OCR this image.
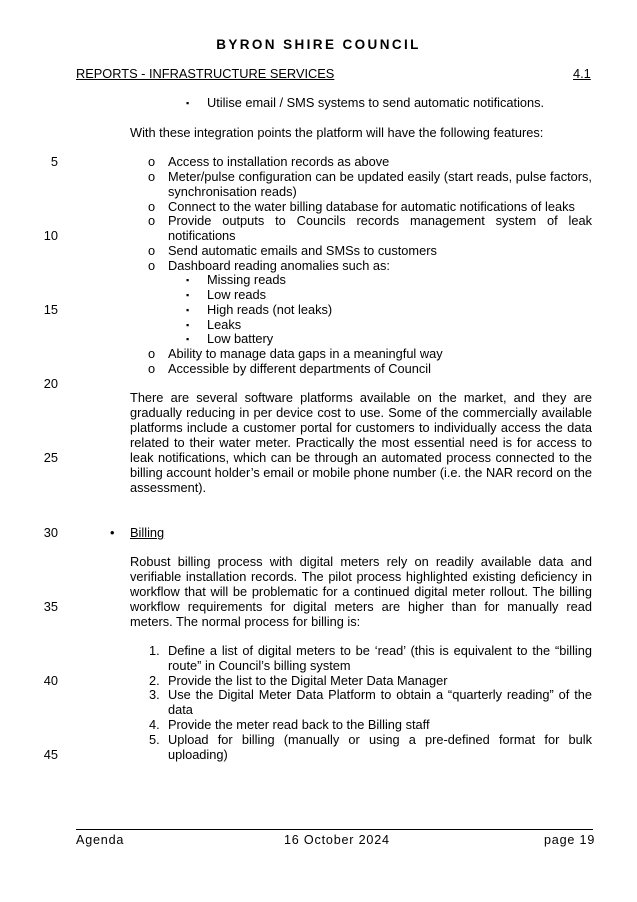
BYRON SHIRE COUNCIL
REPORTS - INFRASTRUCTURE SERVICES	4.1
5
10
15
20
25
30
35
40
45
▪ Utilise email / SMS systems to send automatic notifications.
With these integration points the platform will have the following features:
o Access to installation records as above
o Meter/pulse configuration can be updated easily (start reads, pulse factors, synchronisation reads)
o Connect to the water billing database for automatic notifications of leaks
o Provide outputs to Councils records management system of leak notifications
o Send automatic emails and SMSs to customers
o Dashboard reading anomalies such as:
▪ Missing reads
▪ Low reads
▪ High reads (not leaks)
▪ Leaks
▪ Low battery
o Ability to manage data gaps in a meaningful way
o Accessible by different departments of Council
There are several software platforms available on the market, and they are gradually reducing in per device cost to use. Some of the commercially available platforms include a customer portal for customers to individually access the data related to their water meter. Practically the most essential need is for access to leak notifications, which can be through an automated process connected to the billing account holder’s email or mobile phone number (i.e. the NAR record on the assessment).
• Billing
Robust billing process with digital meters rely on readily available data and verifiable installation records. The pilot process highlighted existing deficiency in workflow that will be problematic for a continued digital meter rollout. The billing workflow requirements for digital meters are higher than for manually read meters. The normal process for billing is:
1. Define a list of digital meters to be ‘read’ (this is equivalent to the “billing route” in Council’s billing system
2. Provide the list to the Digital Meter Data Manager
3. Use the Digital Meter Data Platform to obtain a “quarterly reading” of the data
4. Provide the meter read back to the Billing staff
5. Upload for billing (manually or using a pre-defined format for bulk uploading)
Agenda	16 October 2024	page 19
